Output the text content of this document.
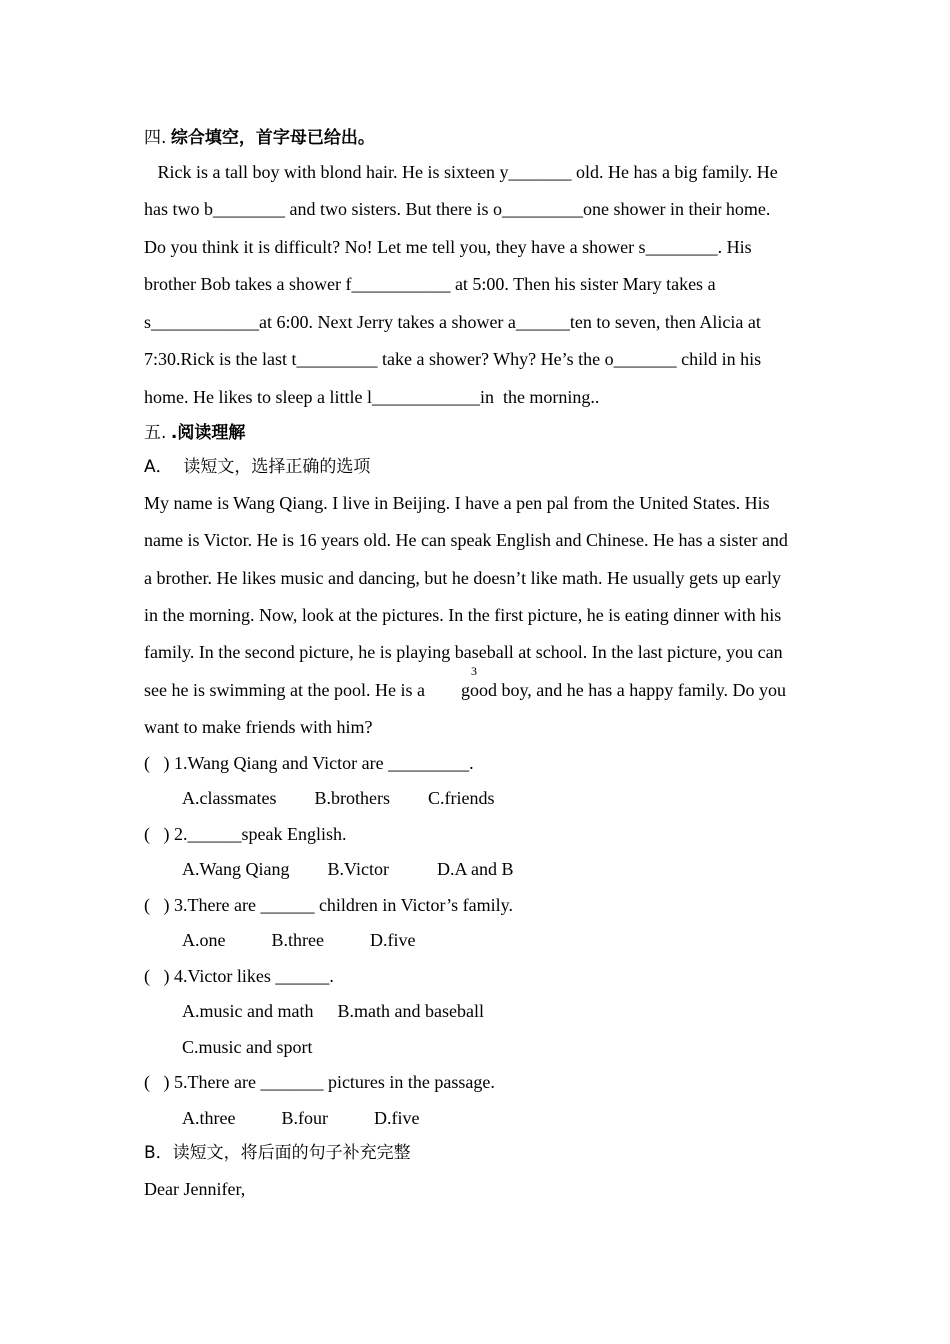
四. 综合填空，首字母已给出。
Rick is a tall boy with blond hair. He is sixteen y_______ old. He has a big family. He
has two b________ and two sisters. But there is o_________one shower in their home.
Do you think it is difficult? No! Let me tell you, they have a shower s________. His
brother Bob takes a shower f___________ at 5:00. Then his sister Mary takes a
s____________at 6:00. Next Jerry takes a shower a______ten to seven, then Alicia at
7:30.Rick is the last t_________ take a shower? Why? He’s the o_______ child in his
home. He likes to sleep a little l____________in  the morning..
五. .阅读理解
A．  读短文，选择正确的选项
My name is Wang Qiang. I live in Beijing. I have a pen pal from the United States. His
name is Victor. He is 16 years old. He can speak English and Chinese. He has a sister and
a brother. He likes music and dancing, but he doesn’t like math. He usually gets up early
in the morning. Now, look at the pictures. In the first picture, he is eating dinner with his
family. In the second picture, he is playing baseball at school. In the last picture, you can
see he is swimming at the pool. He is a        good boy, and he has a happy family. Do you
3
want to make friends with him?
(   ) 1.Wang Qiang and Victor are _________.
A.classmates B.brothers C.friends
(   ) 2.______speak English.
A.Wang Qiang B.Victor	D.A and B
(   ) 3.There are ______ children in Victor’s family.
A.one	B.three	D.five
(   ) 4.Victor likes ______.
A.music and math B.math and baseball
C.music and sport
(   ) 5.There are _______ pictures in the passage.
A.three	B.four	D.five
B．读短文，将后面的句子补充完整
Dear Jennifer,
